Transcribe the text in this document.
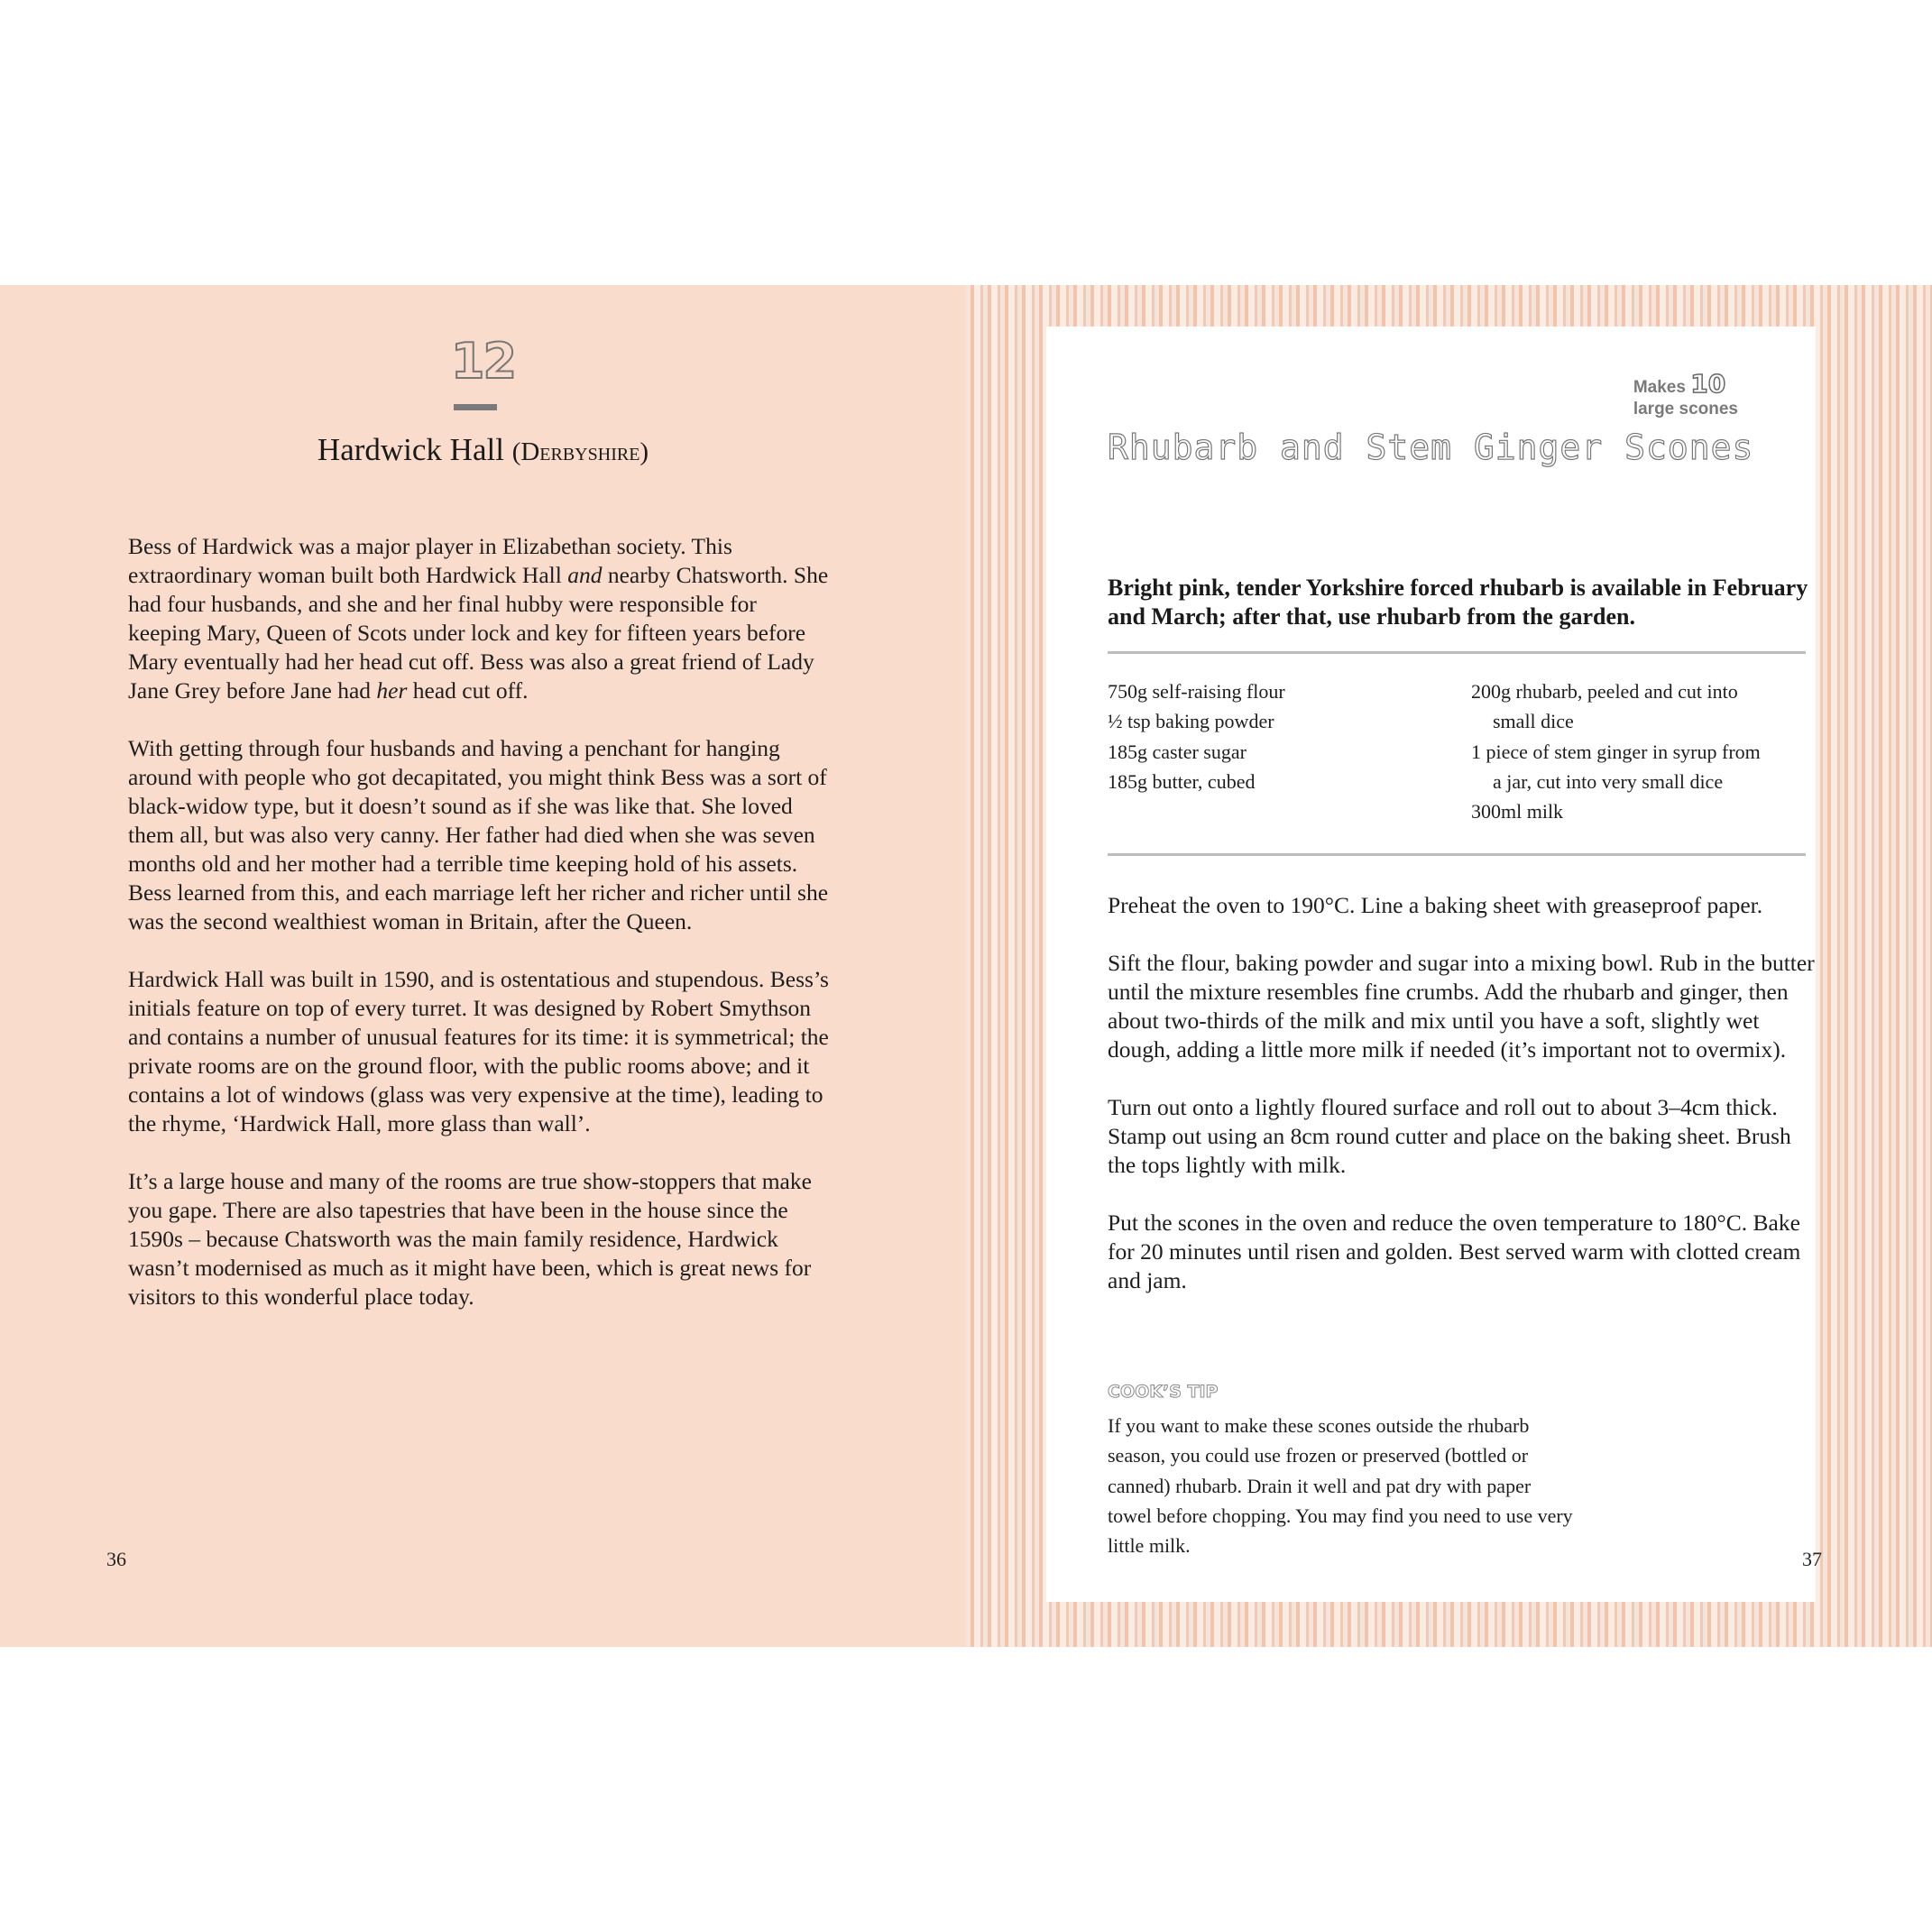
12
Hardwick Hall (Derbyshire)

Bess of Hardwick was a major player in Elizabethan society. This extraordinary woman built both Hardwick Hall and nearby Chatsworth. She had four husbands, and she and her final hubby were responsible for keeping Mary, Queen of Scots under lock and key for fifteen years before Mary eventually had her head cut off. Bess was also a great friend of Lady Jane Grey before Jane had her head cut off.

With getting through four husbands and having a penchant for hanging around with people who got decapitated, you might think Bess was a sort of black-widow type, but it doesn’t sound as if she was like that. She loved them all, but was also very canny. Her father had died when she was seven months old and her mother had a terrible time keeping hold of his assets. Bess learned from this, and each marriage left her richer and richer until she was the second wealthiest woman in Britain, after the Queen.

Hardwick Hall was built in 1590, and is ostentatious and stupendous. Bess’s initials feature on top of every turret. It was designed by Robert Smythson and contains a number of unusual features for its time: it is symmetrical; the private rooms are on the ground floor, with the public rooms above; and it contains a lot of windows (glass was very expensive at the time), leading to the rhyme, ‘Hardwick Hall, more glass than wall’.

It’s a large house and many of the rooms are true show-stoppers that make you gape. There are also tapestries that have been in the house since the 1590s – because Chatsworth was the main family residence, Hardwick wasn’t modernised as much as it might have been, which is great news for visitors to this wonderful place today.

36
Makes 10
large scones
Rhubarb and Stem Ginger Scones
Bright pink, tender Yorkshire forced rhubarb is available in February and March; after that, use rhubarb from the garden.
750g self-raising flour
½ tsp baking powder
185g caster sugar
185g butter, cubed
200g rhubarb, peeled and cut into
small dice
1 piece of stem ginger in syrup from
a jar, cut into very small dice
300ml milk

Preheat the oven to 190°C. Line a baking sheet with greaseproof paper.

Sift the flour, baking powder and sugar into a mixing bowl. Rub in the butter until the mixture resembles fine crumbs. Add the rhubarb and ginger, then about two-thirds of the milk and mix until you have a soft, slightly wet dough, adding a little more milk if needed (it’s important not to overmix).

Turn out onto a lightly floured surface and roll out to about 3–4cm thick. Stamp out using an 8cm round cutter and place on the baking sheet. Brush the tops lightly with milk.

Put the scones in the oven and reduce the oven temperature to 180°C. Bake for 20 minutes until risen and golden. Best served warm with clotted cream and jam.

COOK’S TIP

If you want to make these scones outside the rhubarb season, you could use frozen or preserved (bottled or canned) rhubarb. Drain it well and pat dry with paper towel before chopping. You may find you need to use very little milk.

37
